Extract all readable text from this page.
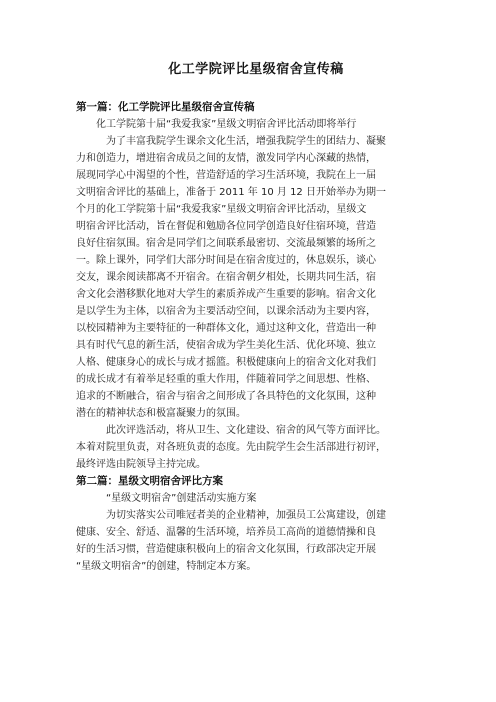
化工学院评比星级宿舍宣传稿
第一篇：化工学院评比星级宿舍宣传稿

化工学院第十届“我爱我家”星级文明宿舍评比活动即将举行

为了丰富我院学生课余文化生活，增强我院学生的团结力、凝聚
力和创造力，增进宿舍成员之间的友情，激发同学内心深藏的热情，
展现同学心中渴望的个性，营造舒适的学习生活环境，我院在上一届
文明宿舍评比的基础上，准备于 2011 年 10 月 12 日开始举办为期一
个月的化工学院第十届“我爱我家”星级文明宿舍评比活动，星级文
明宿舍评比活动，旨在督促和勉励各位同学创造良好住宿环境，营造
良好住宿氛围。宿舍是同学们之间联系最密切、交流最频繁的场所之
一。除上课外，同学们大部分时间是在宿舍度过的，休息娱乐，谈心
交友，课余阅读都离不开宿舍。在宿舍朝夕相处，长期共同生活，宿
舍文化会潜移默化地对大学生的素质养成产生重要的影响。宿舍文化
是以学生为主体，以宿舍为主要活动空间，以课余活动为主要内容，
以校园精神为主要特征的一种群体文化，通过这种文化，营造出一种
具有时代气息的新生活，使宿舍成为学生美化生活、优化环境、独立
人格、健康身心的成长与成才摇篮。积极健康向上的宿舍文化对我们
的成长成才有着举足轻重的重大作用，伴随着同学之间思想、性格、
追求的不断融合，宿舍与宿舍之间形成了各具特色的文化氛围，这种
潜在的精神状态和极富凝聚力的氛围。

此次评选活动，将从卫生、文化建设、宿舍的风气等方面评比。
本着对院里负责，对各班负责的态度。先由院学生会生活部进行初评，
最终评选由院领导主持完成。

第二篇：星级文明宿舍评比方案

“星级文明宿舍”创建活动实施方案

为切实落实公司唯冠者美的企业精神，加强员工公寓建设，创建
健康、安全、舒适、温馨的生活环境，培养员工高尚的道德情操和良
好的生活习惯，营造健康积极向上的宿舍文化氛围，行政部决定开展
“星级文明宿舍”的创建，特制定本方案。
